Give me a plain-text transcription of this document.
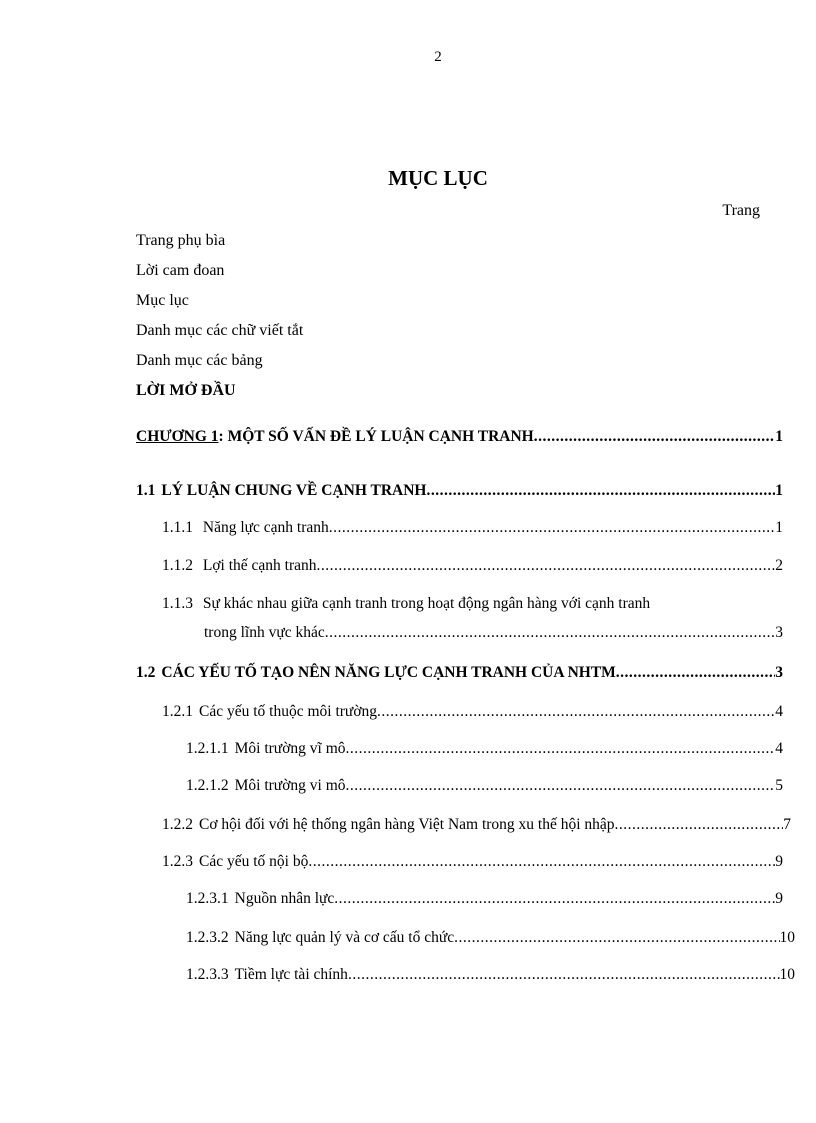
2
MỤC LỤC
Trang
Trang phụ bìa
Lời cam đoan
Mục lục
Danh mục các chữ viết tắt
Danh mục các bảng
LỜI MỞ ĐẦU
CHƯƠNG 1: MỘT SỐ VẤN ĐỀ LÝ LUẬN CẠNH TRANH .....	1
1.1 LÝ LUẬN CHUNG VỀ CẠNH TRANH .....	1
1.1.1 Năng lực cạnh tranh .....	1
1.1.2 Lợi thế cạnh tranh .....	2
1.1.3 Sự khác nhau giữa cạnh tranh trong hoạt động ngân hàng với cạnh tranh
trong lĩnh vực khác .....	3
1.2 CÁC YẾU TỐ TẠO NÊN NĂNG LỰC CẠNH TRANH CỦA NHTM .....	3
1.2.1 Các yếu tố thuộc môi trường .....	4
1.2.1.1 Môi trường vĩ mô .....	4
1.2.1.2 Môi trường vi mô .....	5
1.2.2 Cơ hội đối với hệ thống ngân hàng Việt Nam trong xu thế hội nhập .....	7
1.2.3 Các yếu tố nội bộ .....	9
1.2.3.1 Nguồn nhân lực .....	9
1.2.3.2 Năng lực quản lý và cơ cấu tổ chức .....	10
1.2.3.3 Tiềm lực tài chính .....	10
